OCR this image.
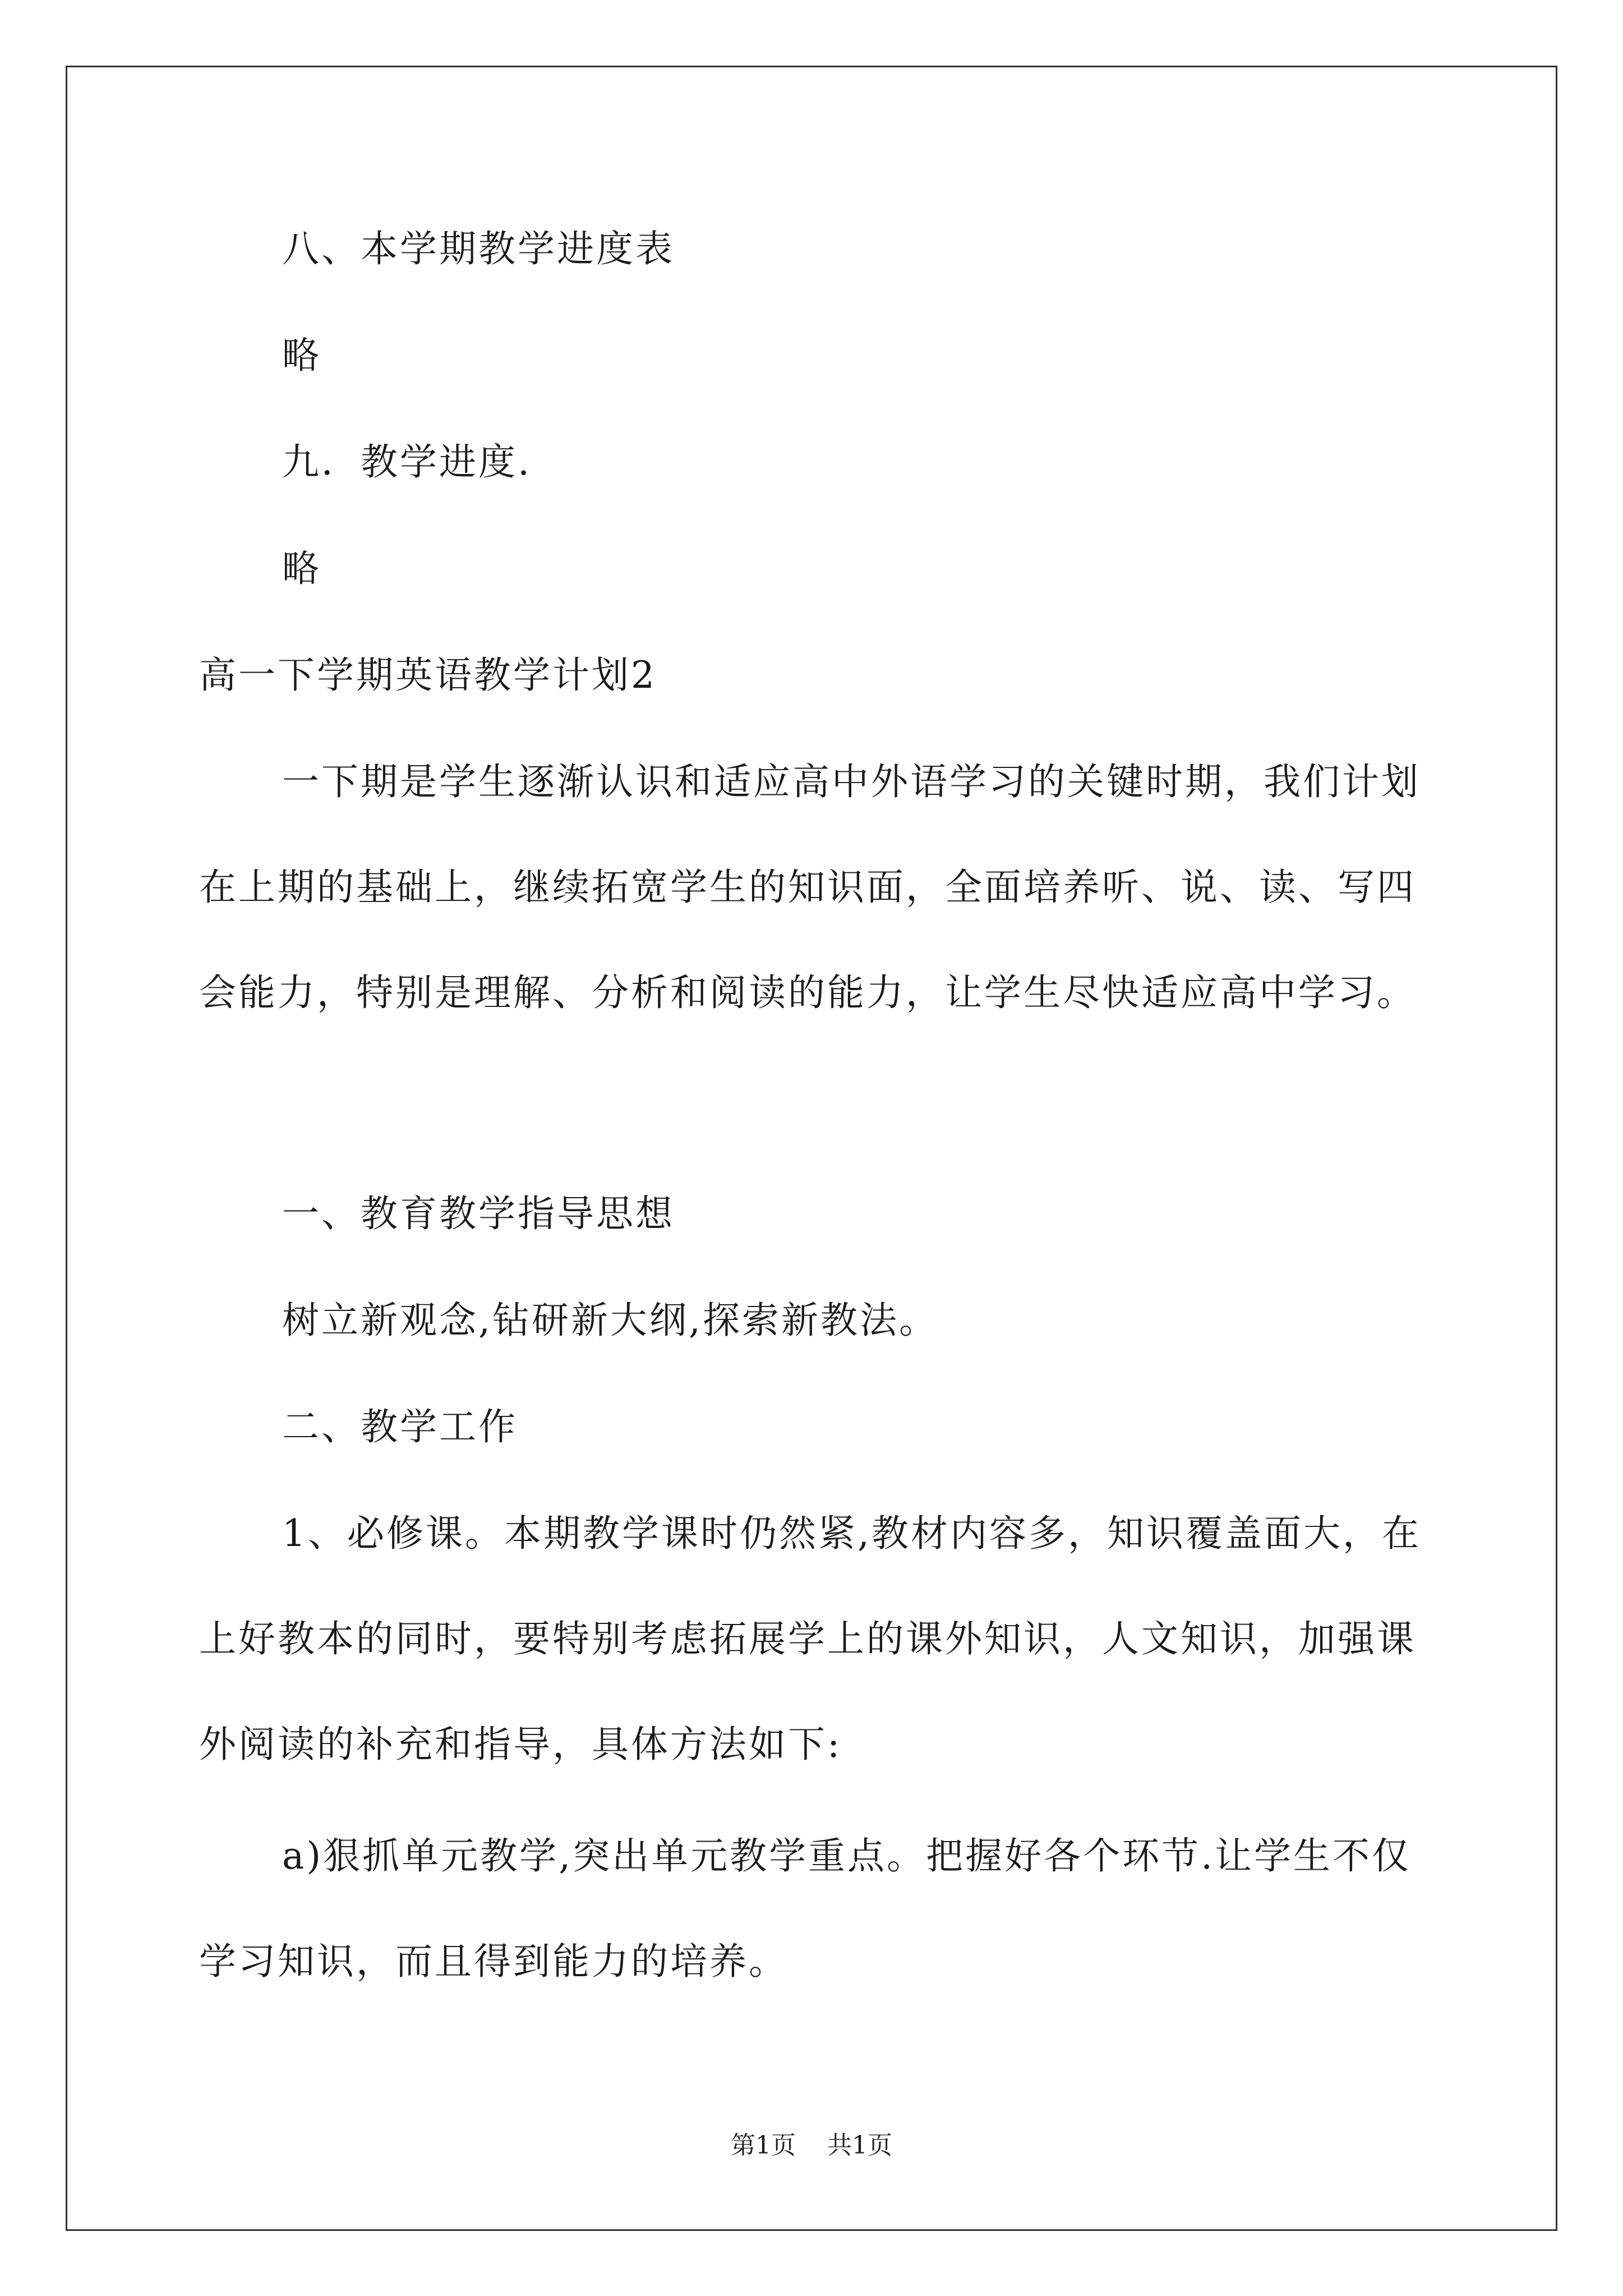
八、本学期教学进度表

略

九．教学进度.

略

高一下学期英语教学计划2

一下期是学生逐渐认识和适应高中外语学习的关键时期，我们计划在上期的基础上，继续拓宽学生的知识面，全面培养听、说、读、写四会能力，特别是理解、分析和阅读的能力，让学生尽快适应高中学习。

一、教育教学指导思想

树立新观念,钻研新大纲,探索新教法。

二、教学工作

1、必修课。本期教学课时仍然紧,教材内容多，知识覆盖面大，在上好教本的同时，要特别考虑拓展学上的课外知识，人文知识，加强课外阅读的补充和指导，具体方法如下:

a)狠抓单元教学,突出单元教学重点。把握好各个环节.让学生不仅学习知识，而且得到能力的培养。

第1页    共1页
